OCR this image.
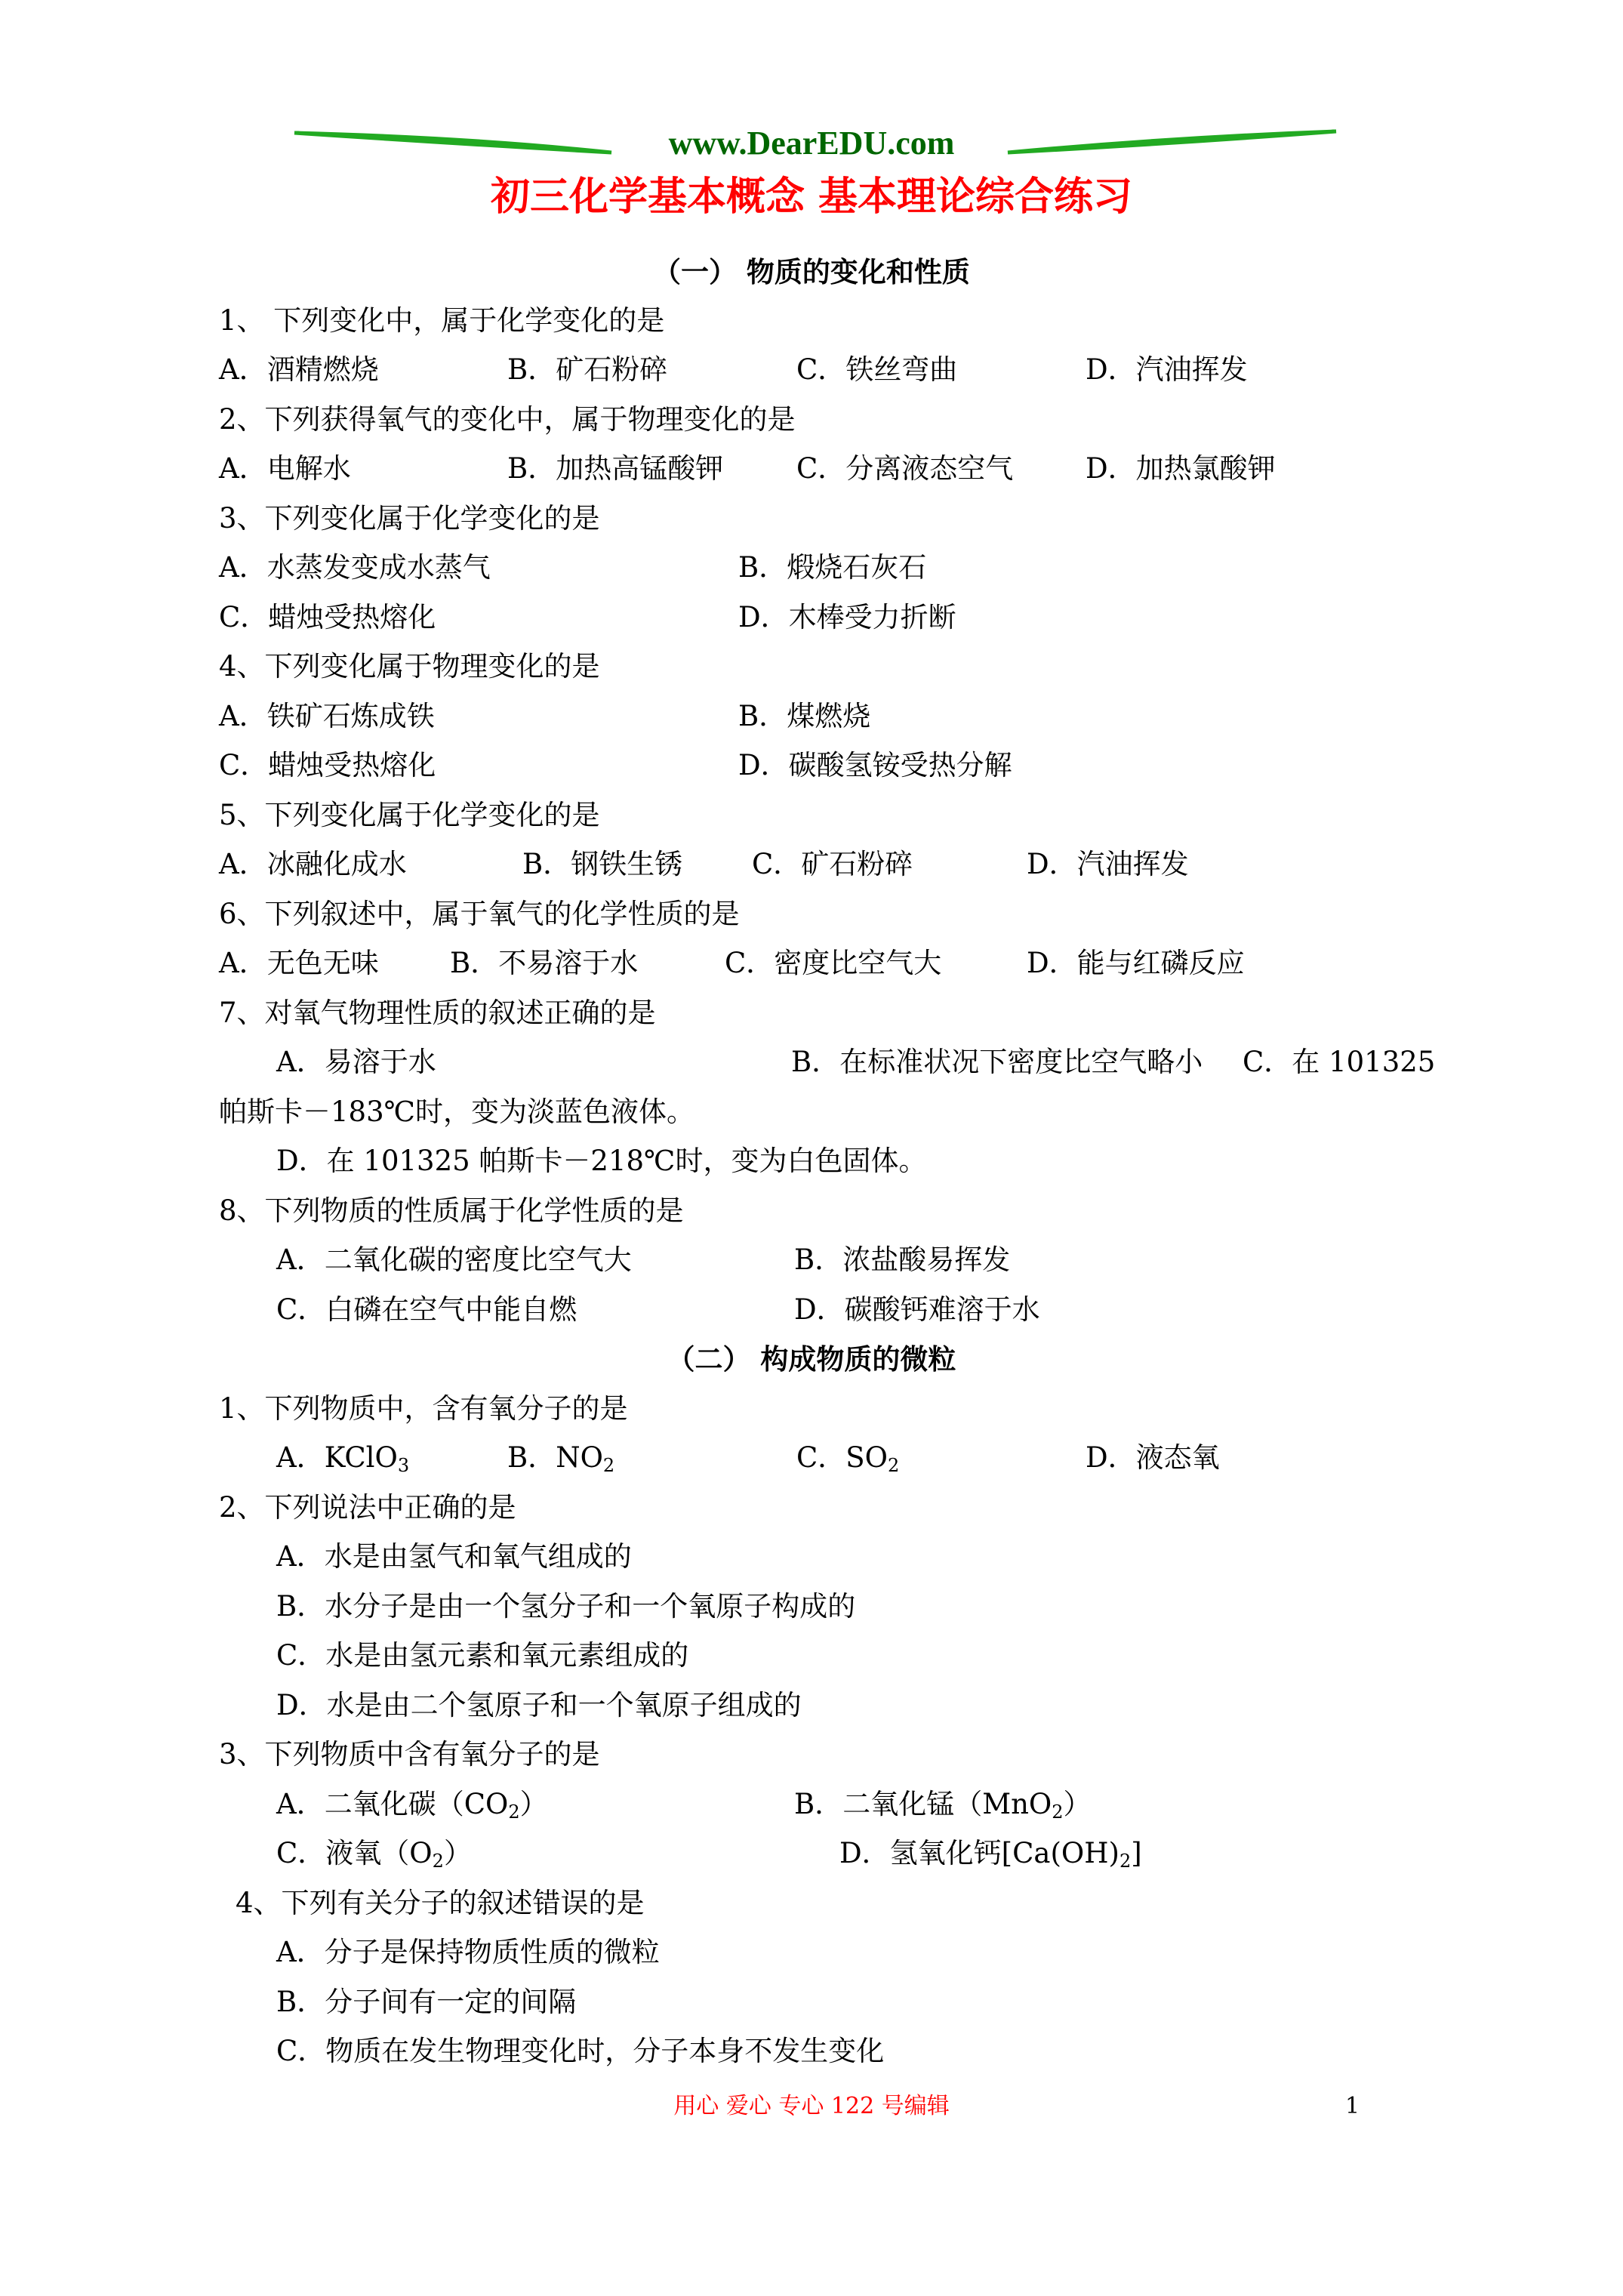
www.DearEDU.com
初三化学基本概念 基本理论综合练习
（一） 物质的变化和性质
1、 下列变化中，属于化学变化的是
A．酒精燃烧	B．矿石粉碎	C．铁丝弯曲	D．汽油挥发
2、下列获得氧气的变化中，属于物理变化的是
A．电解水	B．加热高锰酸钾	C．分离液态空气	D．加热氯酸钾
3、下列变化属于化学变化的是
A．水蒸发变成水蒸气	B．煅烧石灰石
C．蜡烛受热熔化	D．木棒受力折断
4、下列变化属于物理变化的是
A．铁矿石炼成铁	B．煤燃烧
C．蜡烛受热熔化	D．碳酸氢铵受热分解
5、下列变化属于化学变化的是
A．冰融化成水	B．钢铁生锈 C．矿石粉碎	D．汽油挥发
6、下列叙述中，属于氧气的化学性质的是
A．无色无味	B．不易溶于水	C．密度比空气大	D．能与红磷反应
7、对氧气物理性质的叙述正确的是
A．易溶于水	B．在标准状况下密度比空气略小 C．在 101325
帕斯卡－183℃时，变为淡蓝色液体。
D．在 101325 帕斯卡－218℃时，变为白色固体。
8、下列物质的性质属于化学性质的是
A．二氧化碳的密度比空气大	B．浓盐酸易挥发
C．白磷在空气中能自燃	D．碳酸钙难溶于水
（二） 构成物质的微粒
1、下列物质中，含有氧分子的是
A．KClO$_3$	B．$NO_2$	C．$SO_2$	D．液态氧
2、下列说法中正确的是
A．水是由氢气和氧气组成的
B．水分子是由一个氢分子和一个氧原子构成的
C．水是由氢元素和氧元素组成的
D．水是由二个氢原子和一个氧原子组成的
3、下列物质中含有氧分子的是
A．二氧化碳$(CO_2)$	B．二氧化锰（MnO$_2$）
C．液氧$(O_2)$	D．氢氧化钙$[Ca(OH)_2]$
4、下列有关分子的叙述错误的是
A．分子是保持物质性质的微粒
B．分子间有一定的间隔
C．物质在发生物理变化时，分子本身不发生变化
用心 爱心 专心 122 号编辑	1
